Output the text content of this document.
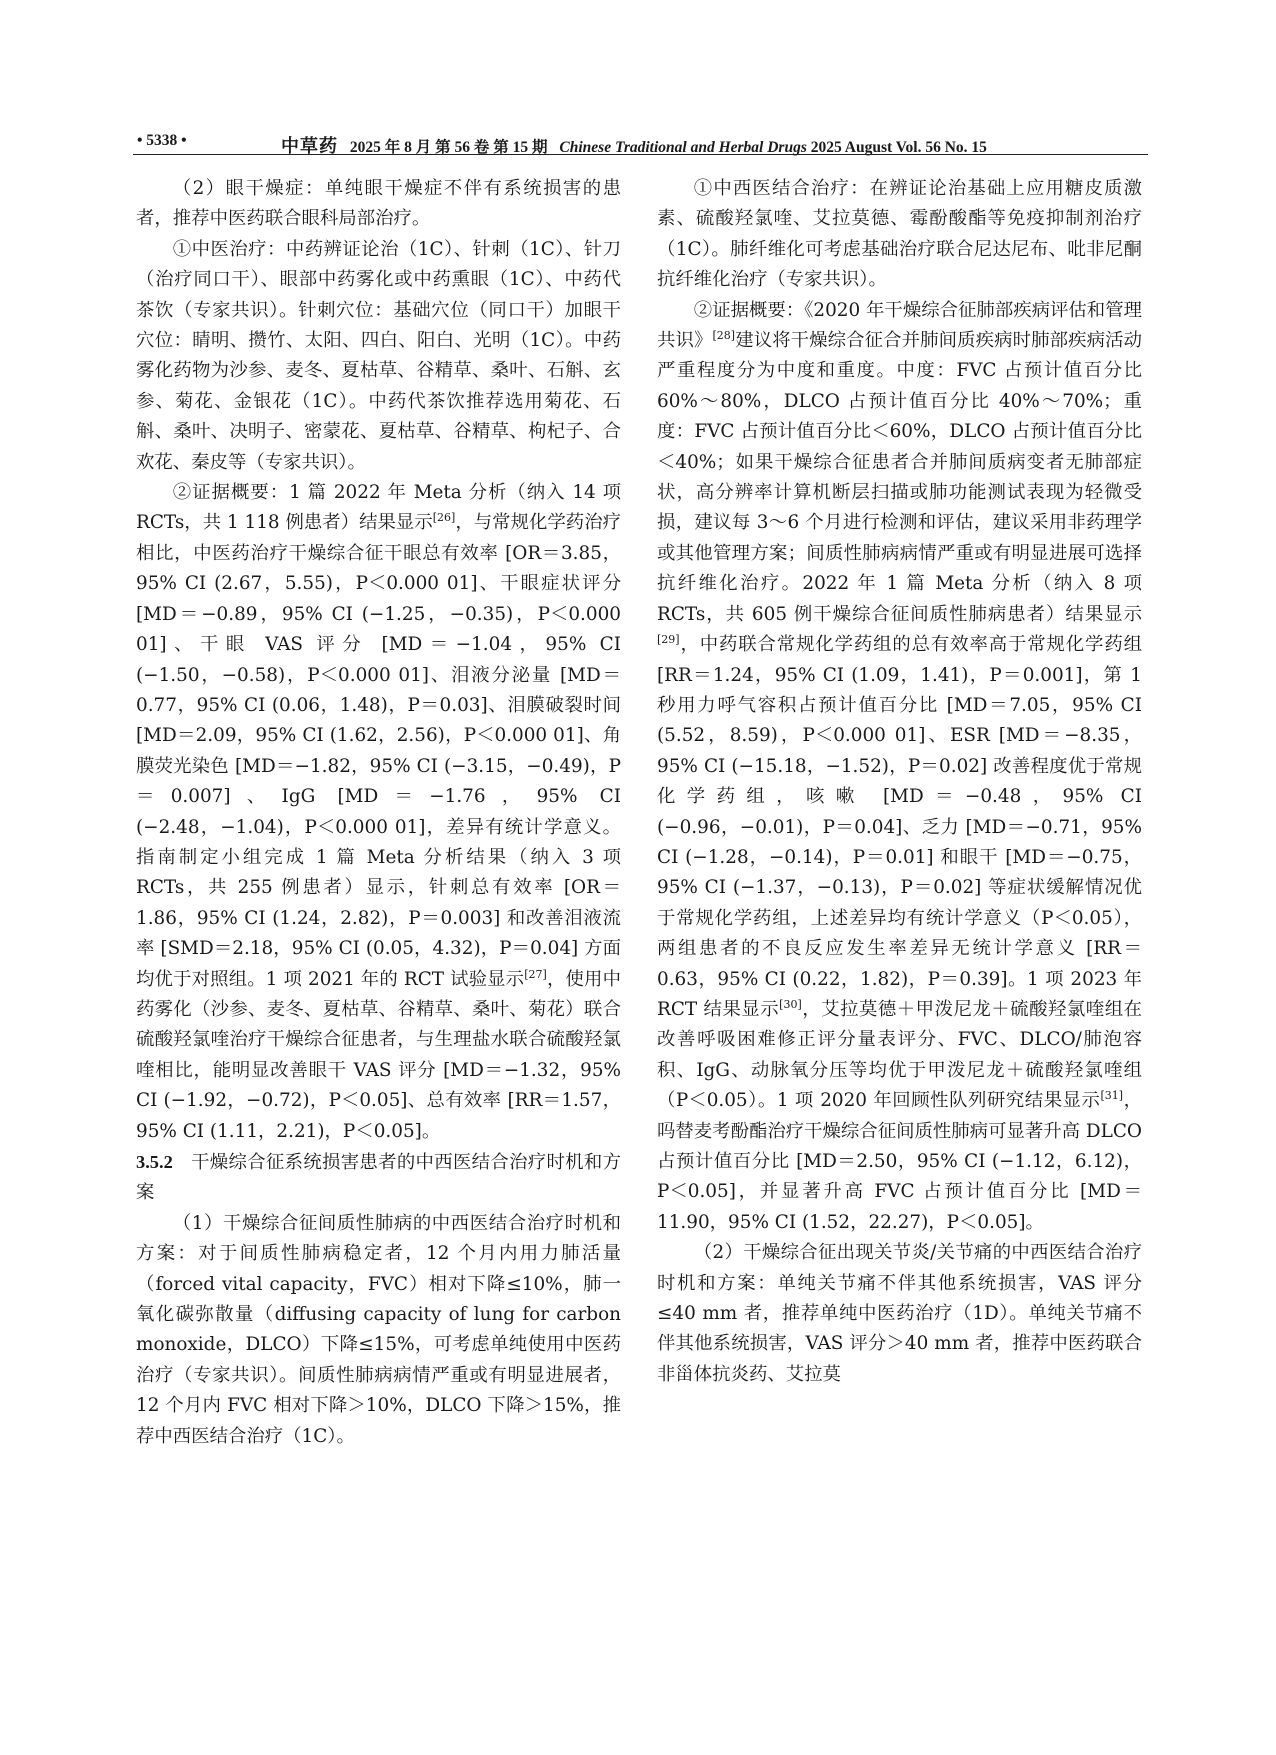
• 5338 •	中草药 2025 年 8 月 第 56 卷 第 15 期 Chinese Traditional and Herbal Drugs 2025 August Vol. 56 No. 15

（2）眼干燥症：单纯眼干燥症不伴有系统损害的患者，推荐中医药联合眼科局部治疗。

①中医治疗：中药辨证论治（1C）、针刺（1C）、针刀（治疗同口干）、眼部中药雾化或中药熏眼（1C）、中药代茶饮（专家共识）。针刺穴位：基础穴位（同口干）加眼干穴位：睛明、攒竹、太阳、四白、阳白、光明（1C）。中药雾化药物为沙参、麦冬、夏枯草、谷精草、桑叶、石斛、玄参、菊花、金银花（1C）。中药代茶饮推荐选用菊花、石斛、桑叶、决明子、密蒙花、夏枯草、谷精草、枸杞子、合欢花、秦皮等（专家共识）。

②证据概要：1 篇 2022 年 Meta 分析（纳入 14 项 RCTs，共 1 118 例患者）结果显示[26]，与常规化学药治疗相比，中医药治疗干燥综合征干眼总有效率 [OR＝3.85，95% CI (2.67，5.55)，P＜0.000 01]、干眼症状评分 [MD＝−0.89，95% CI (−1.25，−0.35)，P＜0.000 01]、干眼 VAS 评分 [MD＝−1.04，95% CI (−1.50，−0.58)，P＜0.000 01]、泪液分泌量 [MD＝0.77，95% CI (0.06，1.48)，P＝0.03]、泪膜破裂时间 [MD＝2.09，95% CI (1.62，2.56)，P＜0.000 01]、角膜荧光染色 [MD＝−1.82，95% CI (−3.15，−0.49)，P＝0.007]、IgG [MD＝−1.76，95% CI (−2.48，−1.04)，P＜0.000 01]，差异有统计学意义。指南制定小组完成 1 篇 Meta 分析结果（纳入 3 项 RCTs，共 255 例患者）显示，针刺总有效率 [OR＝1.86，95% CI (1.24，2.82)，P＝0.003] 和改善泪液流率 [SMD＝2.18，95% CI (0.05，4.32)，P＝0.04] 方面均优于对照组。1 项 2021 年的 RCT 试验显示[27]，使用中药雾化（沙参、麦冬、夏枯草、谷精草、桑叶、菊花）联合硫酸羟氯喹治疗干燥综合征患者，与生理盐水联合硫酸羟氯喹相比，能明显改善眼干 VAS 评分 [MD＝−1.32，95% CI (−1.92，−0.72)，P＜0.05]、总有效率 [RR＝1.57，95% CI (1.11，2.21)，P＜0.05]。

3.5.2 干燥综合征系统损害患者的中西医结合治疗时机和方案

（1）干燥综合征间质性肺病的中西医结合治疗时机和方案：对于间质性肺病稳定者，12 个月内用力肺活量（forced vital capacity，FVC）相对下降≤10%，肺一氧化碳弥散量（diffusing capacity of lung for carbon monoxide，DLCO）下降≤15%，可考虑单纯使用中医药治疗（专家共识）。间质性肺病病情严重或有明显进展者，12 个月内 FVC 相对下降＞10%，DLCO 下降＞15%，推荐中西医结合治疗（1C）。

①中西医结合治疗：在辨证论治基础上应用糖皮质激素、硫酸羟氯喹、艾拉莫德、霉酚酸酯等免疫抑制剂治疗（1C）。肺纤维化可考虑基础治疗联合尼达尼布、吡非尼酮抗纤维化治疗（专家共识）。

②证据概要：《2020 年干燥综合征肺部疾病评估和管理共识》[28]建议将干燥综合征合并肺间质疾病时肺部疾病活动严重程度分为中度和重度。中度：FVC 占预计值百分比 60%～80%，DLCO 占预计值百分比 40%～70%；重度：FVC 占预计值百分比＜60%，DLCO 占预计值百分比＜40%；如果干燥综合征患者合并肺间质病变者无肺部症状，高分辨率计算机断层扫描或肺功能测试表现为轻微受损，建议每 3～6 个月进行检测和评估，建议采用非药理学或其他管理方案；间质性肺病病情严重或有明显进展可选择抗纤维化治疗。2022 年 1 篇 Meta 分析（纳入 8 项 RCTs，共 605 例干燥综合征间质性肺病患者）结果显示[29]，中药联合常规化学药组的总有效率高于常规化学药组 [RR＝1.24，95% CI (1.09，1.41)，P＝0.001]，第 1 秒用力呼气容积占预计值百分比 [MD＝7.05，95% CI (5.52，8.59)，P＜0.000 01]、ESR [MD＝−8.35，95% CI (−15.18，−1.52)，P＝0.02] 改善程度优于常规化学药组，咳嗽 [MD＝−0.48，95% CI (−0.96，−0.01)，P＝0.04]、乏力 [MD＝−0.71，95% CI (−1.28，−0.14)，P＝0.01] 和眼干 [MD＝−0.75，95% CI (−1.37，−0.13)，P＝0.02] 等症状缓解情况优于常规化学药组，上述差异均有统计学意义（P＜0.05），两组患者的不良反应发生率差异无统计学意义 [RR＝0.63，95% CI (0.22，1.82)，P＝0.39]。1 项 2023 年 RCT 结果显示[30]，艾拉莫德＋甲泼尼龙＋硫酸羟氯喹组在改善呼吸困难修正评分量表评分、FVC、DLCO/肺泡容积、IgG、动脉氧分压等均优于甲泼尼龙＋硫酸羟氯喹组（P＜0.05）。1 项 2020 年回顾性队列研究结果显示[31]，吗替麦考酚酯治疗干燥综合征间质性肺病可显著升高 DLCO 占预计值百分比 [MD＝2.50，95% CI (−1.12，6.12)，P＜0.05]，并显著升高 FVC 占预计值百分比 [MD＝11.90，95% CI (1.52，22.27)，P＜0.05]。

（2）干燥综合征出现关节炎/关节痛的中西医结合治疗时机和方案：单纯关节痛不伴其他系统损害，VAS 评分≤40 mm 者，推荐单纯中医药治疗（1D）。单纯关节痛不伴其他系统损害，VAS 评分＞40 mm 者，推荐中医药联合非甾体抗炎药、艾拉莫
